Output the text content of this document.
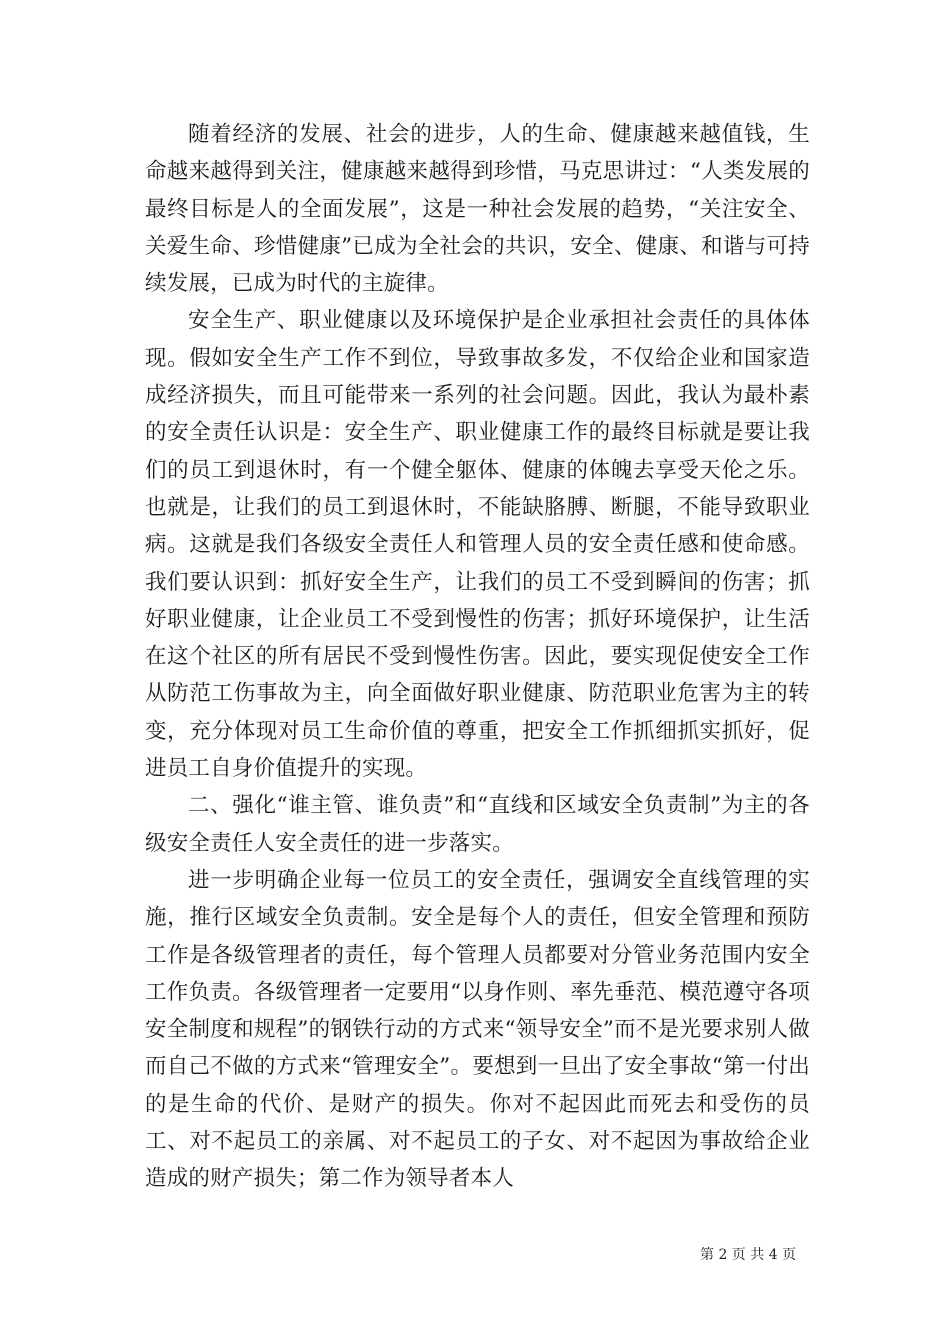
随着经济的发展、社会的进步，人的生命、健康越来越值钱，生命越来越得到关注，健康越来越得到珍惜，马克思讲过：“人类发展的最终目标是人的全面发展”，这是一种社会发展的趋势，“关注安全、关爱生命、珍惜健康”已成为全社会的共识，安全、健康、和谐与可持续发展，已成为时代的主旋律。

安全生产、职业健康以及环境保护是企业承担社会责任的具体体现。假如安全生产工作不到位，导致事故多发，不仅给企业和国家造成经济损失，而且可能带来一系列的社会问题。因此，我认为最朴素的安全责任认识是：安全生产、职业健康工作的最终目标就是要让我们的员工到退休时，有一个健全躯体、健康的体魄去享受天伦之乐。也就是，让我们的员工到退休时，不能缺胳膊、断腿，不能导致职业病。这就是我们各级安全责任人和管理人员的安全责任感和使命感。我们要认识到：抓好安全生产，让我们的员工不受到瞬间的伤害；抓好职业健康，让企业员工不受到慢性的伤害；抓好环境保护，让生活在这个社区的所有居民不受到慢性伤害。因此，要实现促使安全工作从防范工伤事故为主，向全面做好职业健康、防范职业危害为主的转变，充分体现对员工生命价值的尊重，把安全工作抓细抓实抓好，促进员工自身价值提升的实现。

二、强化“谁主管、谁负责”和“直线和区域安全负责制”为主的各级安全责任人安全责任的进一步落实。

进一步明确企业每一位员工的安全责任，强调安全直线管理的实施，推行区域安全负责制。安全是每个人的责任，但安全管理和预防工作是各级管理者的责任，每个管理人员都要对分管业务范围内安全工作负责。各级管理者一定要用“以身作则、率先垂范、模范遵守各项安全制度和规程”的钢铁行动的方式来“领导安全”而不是光要求别人做而自己不做的方式来“管理安全”。要想到一旦出了安全事故“第一付出的是生命的代价、是财产的损失。你对不起因此而死去和受伤的员工、对不起员工的亲属、对不起员工的子女、对不起因为事故给企业造成的财产损失；第二作为领导者本人

第 2 页 共 4 页
